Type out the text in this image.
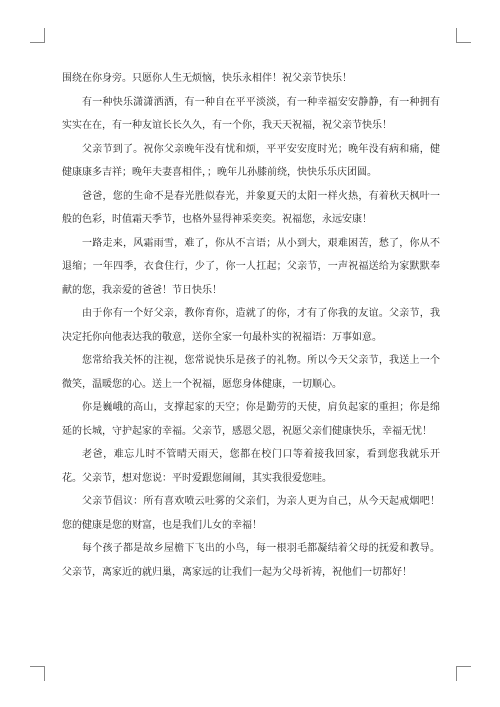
围绕在你身旁。只愿你人生无烦恼，快乐永相伴！祝父亲节快乐！

有一种快乐潇潇洒洒，有一种自在平平淡淡，有一种幸福安安静静，有一种拥有实实在在，有一种友谊长长久久，有一个你，我天天祝福，祝父亲节快乐！

父亲节到了。祝你父亲晚年没有忧和烦，平平安安度时光；晚年没有病和痛，健健康康多吉祥；晚年夫妻喜相伴，；晚年儿孙膝前绕，快快乐乐庆团圆。

爸爸，您的生命不是春光胜似春光，并象夏天的太阳一样火热，有着秋天枫叶一般的色彩，时值霜天季节，也格外显得神采奕奕。祝福您，永远安康！

一路走来，风霜雨雪，难了，你从不言语；从小到大，艰难困苦，愁了，你从不退缩；一年四季，衣食住行，少了，你一人扛起；父亲节，一声祝福送给为家默默奉献的您，我亲爱的爸爸！节日快乐！

由于你有一个好父亲，教你育你，造就了的你，才有了你我的友谊。父亲节，我决定托你向他表达我的敬意，送你全家一句最朴实的祝福语：万事如意。

您常给我关怀的注视，您常说快乐是孩子的礼物。所以今天父亲节，我送上一个微笑，温暖您的心。送上一个祝福，愿您身体健康，一切顺心。

你是巍峨的高山，支撑起家的天空；你是勤劳的天使，肩负起家的重担；你是绵延的长城，守护起家的幸福。父亲节，感恩父恩，祝愿父亲们健康快乐，幸福无忧！

老爸，难忘儿时不管晴天雨天，您都在校门口等着接我回家，看到您我就乐开花。父亲节，想对您说：平时爱跟您闹闹，其实我很爱您哇。

父亲节倡议：所有喜欢喷云吐雾的父亲们，为亲人更为自己，从今天起戒烟吧！您的健康是您的财富，也是我们儿女的幸福！

每个孩子都是故乡屋檐下飞出的小鸟，每一根羽毛都凝结着父母的抚爱和教导。父亲节，离家近的就归巢，离家远的让我们一起为父母祈祷，祝他们一切都好！
